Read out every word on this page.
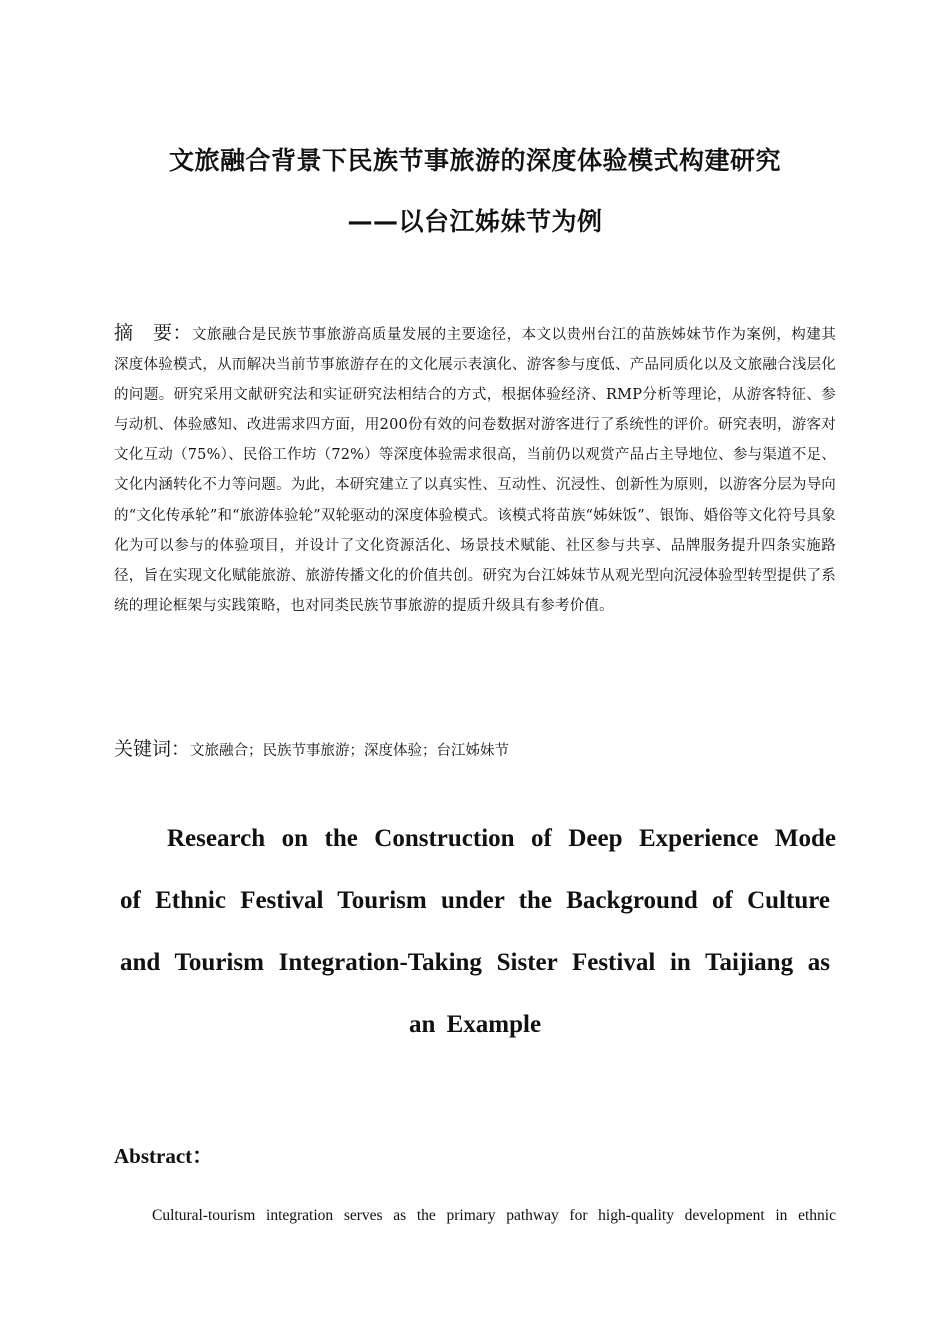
文旅融合背景下民族节事旅游的深度体验模式构建研究
——以台江姊妹节为例
摘　要：文旅融合是民族节事旅游高质量发展的主要途径，本文以贵州台江的苗族姊妹节作为案例，构建其深度体验模式，从而解决当前节事旅游存在的文化展示表演化、游客参与度低、产品同质化以及文旅融合浅层化的问题。研究采用文献研究法和实证研究法相结合的方式，根据体验经济、RMP分析等理论，从游客特征、参与动机、体验感知、改进需求四方面，用200份有效的问卷数据对游客进行了系统性的评价。研究表明，游客对文化互动（75%）、民俗工作坊（72%）等深度体验需求很高，当前仍以观赏产品占主导地位、参与渠道不足、文化内涵转化不力等问题。为此，本研究建立了以真实性、互动性、沉浸性、创新性为原则，以游客分层为导向的“文化传承轮”和“旅游体验轮”双轮驱动的深度体验模式。该模式将苗族“姊妹饭”、银饰、婚俗等文化符号具象化为可以参与的体验项目，并设计了文化资源活化、场景技术赋能、社区参与共享、品牌服务提升四条实施路径，旨在实现文化赋能旅游、旅游传播文化的价值共创。研究为台江姊妹节从观光型向沉浸体验型转型提供了系统的理论框架与实践策略，也对同类民族节事旅游的提质升级具有参考价值。
关键词：文旅融合；民族节事旅游；深度体验；台江姊妹节
Research on the Construction of Deep Experience Mode
of Ethnic Festival Tourism under the Background of Culture
and Tourism Integration-Taking Sister Festival in Taijiang as
an Example
Abstract：
Cultural-tourism integration serves as the primary pathway for high-quality development in ethnic
